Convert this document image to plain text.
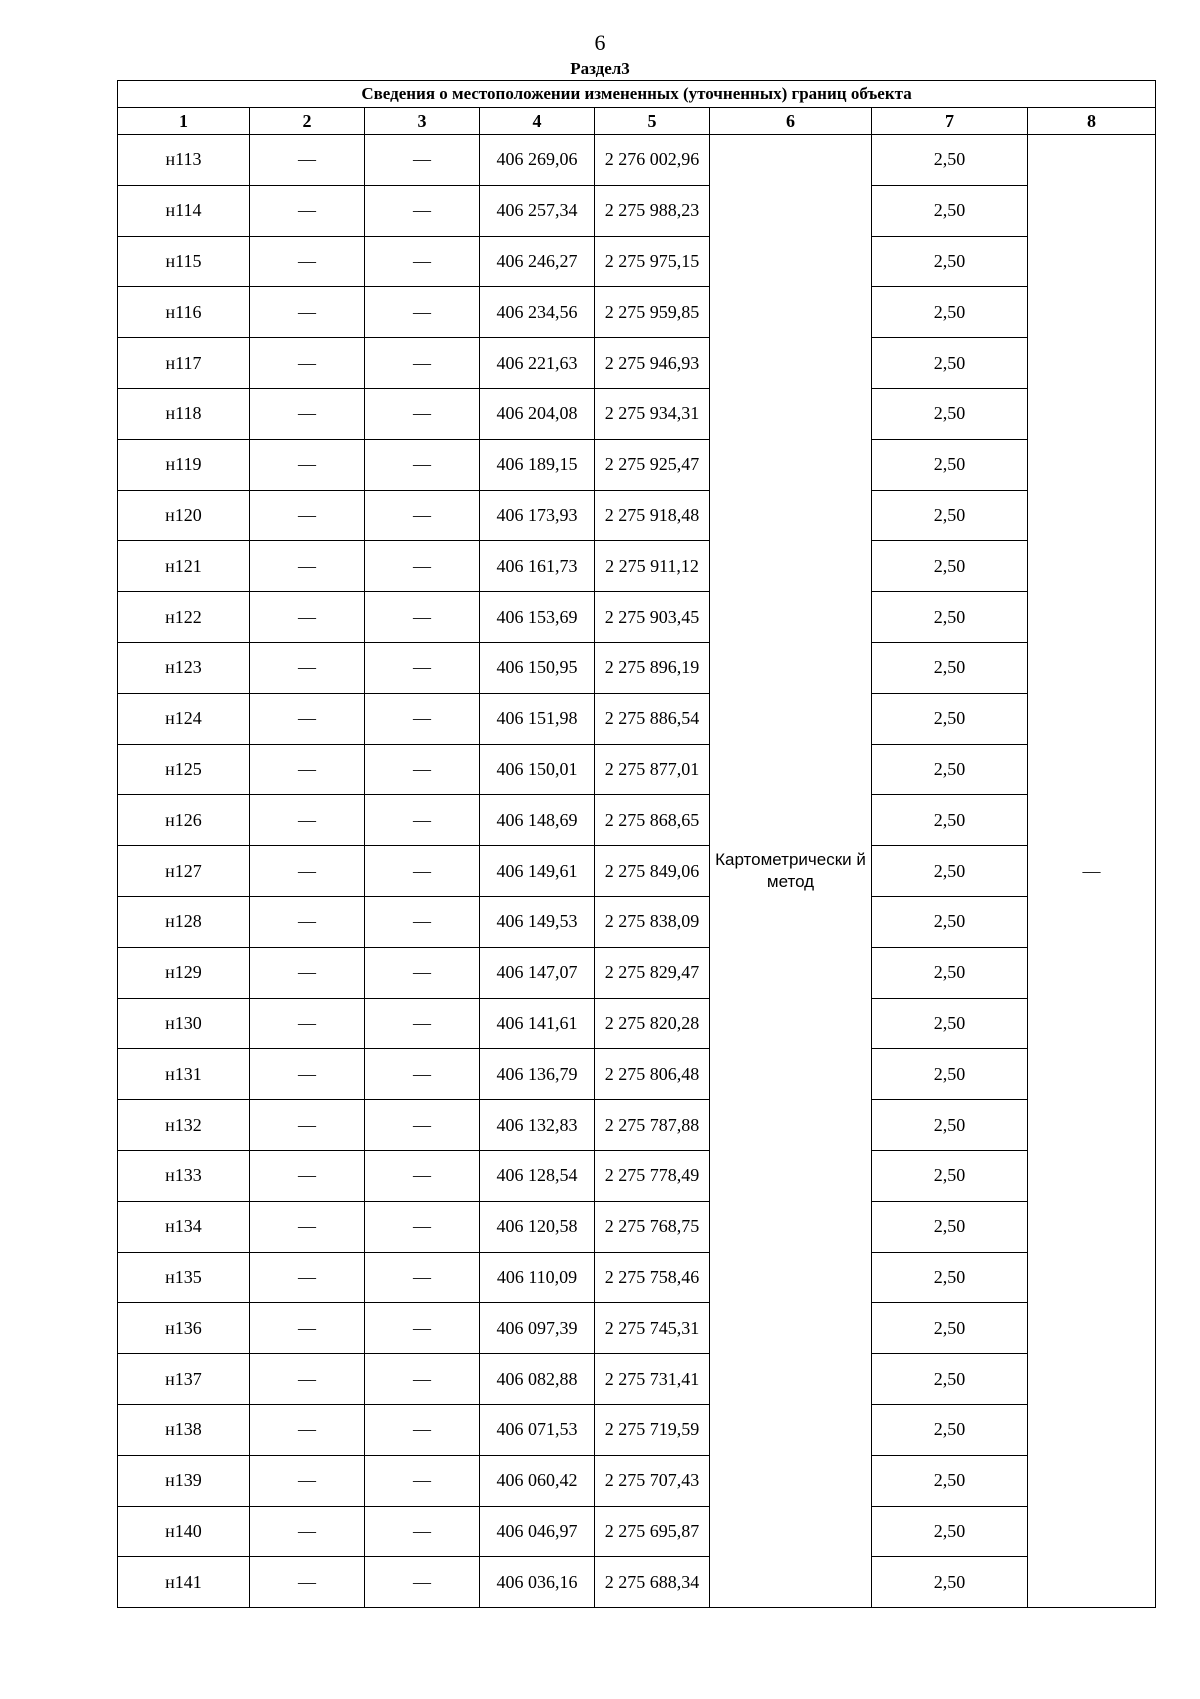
6
Раздел3
Сведения о местоположении измененных (уточненных) границ объекта							
1	2	3	4	5	6	7	8
н113	—	—	406 269,06	2 276 002,96	Картометрически й метод	2,50	—
н114	—	—	406 257,34	2 275 988,23		2,50	
н115	—	—	406 246,27	2 275 975,15		2,50	
н116	—	—	406 234,56	2 275 959,85		2,50	
н117	—	—	406 221,63	2 275 946,93		2,50	
н118	—	—	406 204,08	2 275 934,31		2,50	
н119	—	—	406 189,15	2 275 925,47		2,50	
н120	—	—	406 173,93	2 275 918,48		2,50	
н121	—	—	406 161,73	2 275 911,12		2,50	
н122	—	—	406 153,69	2 275 903,45		2,50	
н123	—	—	406 150,95	2 275 896,19		2,50	
н124	—	—	406 151,98	2 275 886,54		2,50	
н125	—	—	406 150,01	2 275 877,01		2,50	
н126	—	—	406 148,69	2 275 868,65		2,50	
н127	—	—	406 149,61	2 275 849,06		2,50	
н128	—	—	406 149,53	2 275 838,09		2,50	
н129	—	—	406 147,07	2 275 829,47		2,50	
н130	—	—	406 141,61	2 275 820,28		2,50	
н131	—	—	406 136,79	2 275 806,48		2,50	
н132	—	—	406 132,83	2 275 787,88		2,50	
н133	—	—	406 128,54	2 275 778,49		2,50	
н134	—	—	406 120,58	2 275 768,75		2,50	
н135	—	—	406 110,09	2 275 758,46		2,50	
н136	—	—	406 097,39	2 275 745,31		2,50	
н137	—	—	406 082,88	2 275 731,41		2,50	
н138	—	—	406 071,53	2 275 719,59		2,50	
н139	—	—	406 060,42	2 275 707,43		2,50	
н140	—	—	406 046,97	2 275 695,87		2,50	
н141	—	—	406 036,16	2 275 688,34		2,50	
